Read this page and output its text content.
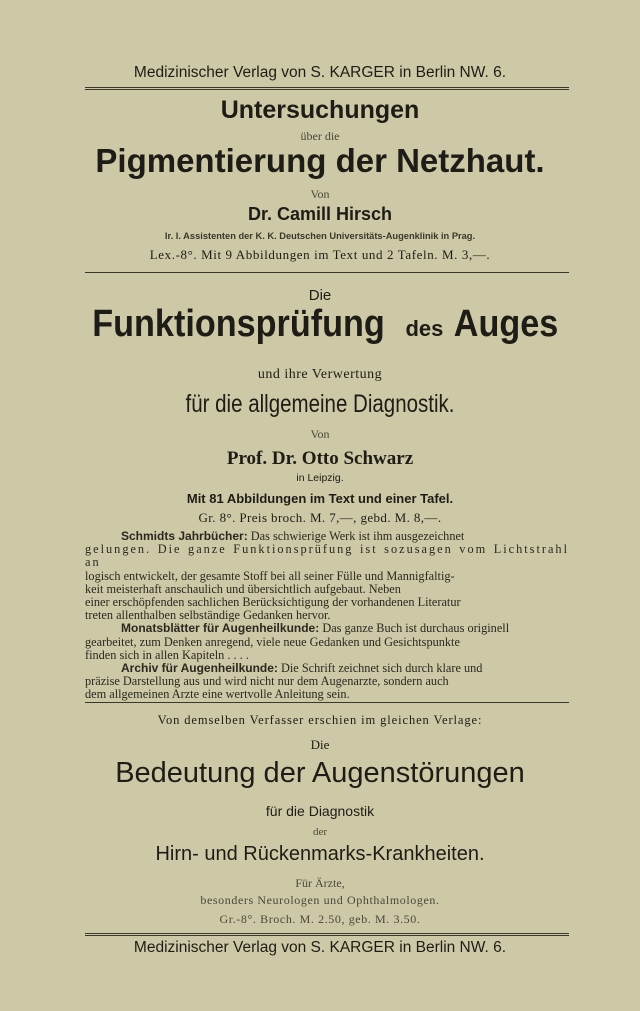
Medizinischer Verlag von S. KARGER in Berlin NW. 6.
Untersuchungen
über die
Pigmentierung der Netzhaut.
Von
Dr. Camill Hirsch
Ir. I. Assistenten der K. K. Deutschen Universitäts-Augenklinik in Prag.
Lex.-8°. Mit 9 Abbildungen im Text und 2 Tafeln. M. 3,—.
Die
Funktionsprüfung des Auges
und ihre Verwertung
für die allgemeine Diagnostik.
Von
Prof. Dr. Otto Schwarz
in Leipzig.
Mit 81 Abbildungen im Text und einer Tafel.
Gr. 8°. Preis broch. M. 7,—, gebd. M. 8,—.

Schmidts Jahrbücher: Das schwierige Werk ist ihm ausgezeichnet

gelungen. Die ganze Funktionsprüfung ist sozusagen vom Lichtstrahl an

logisch entwickelt, der gesamte Stoff bei all seiner Fülle und Mannigfaltig-

keit meisterhaft anschaulich und übersichtlich aufgebaut. Neben

einer erschöpfenden sachlichen Berücksichtigung der vorhandenen Literatur

treten allenthalben selbständige Gedanken hervor.

Monatsblätter für Augenheilkunde: Das ganze Buch ist durchaus originell

gearbeitet, zum Denken anregend, viele neue Gedanken und Gesichtspunkte

finden sich in allen Kapiteln . . . .

Archiv für Augenheilkunde: Die Schrift zeichnet sich durch klare und

präzise Darstellung aus und wird nicht nur dem Augenarzte, sondern auch

dem allgemeinen Arzte eine wertvolle Anleitung sein.

Von demselben Verfasser erschien im gleichen Verlage:
Die
Bedeutung der Augenstörungen
für die Diagnostik
der
Hirn- und Rückenmarks-Krankheiten.
Für Ärzte,
besonders Neurologen und Ophthalmologen.
Gr.-8°. Broch. M. 2.50, geb. M. 3.50.
Medizinischer Verlag von S. KARGER in Berlin NW. 6.
